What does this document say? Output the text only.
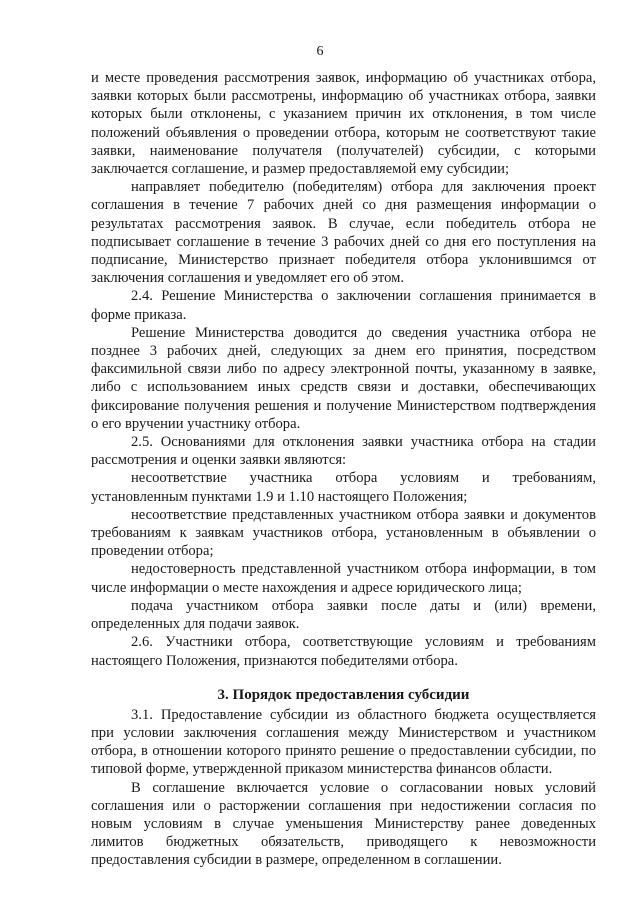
6

и месте проведения рассмотрения заявок, информацию об участниках отбора, заявки которых были рассмотрены, информацию об участниках отбора, заявки которых были отклонены, с указанием причин их отклонения, в том числе положений объявления о проведении отбора, которым не соответствуют такие заявки, наименование получателя (получателей) субсидии, с которыми заключается соглашение, и размер предоставляемой ему субсидии;

направляет победителю (победителям) отбора для заключения проект соглашения в течение 7 рабочих дней со дня размещения информации о результатах рассмотрения заявок. В случае, если победитель отбора не подписывает соглашение в течение 3 рабочих дней со дня его поступления на подписание, Министерство признает победителя отбора уклонившимся от заключения соглашения и уведомляет его об этом.

2.4. Решение Министерства о заключении соглашения принимается в форме приказа.

Решение Министерства доводится до сведения участника отбора не позднее 3 рабочих дней, следующих за днем его принятия, посредством факсимильной связи либо по адресу электронной почты, указанному в заявке, либо с использованием иных средств связи и доставки, обеспечивающих фиксирование получения решения и получение Министерством подтверждения о его вручении участнику отбора.

2.5. Основаниями для отклонения заявки участника отбора на стадии рассмотрения и оценки заявки являются:

несоответствие участника отбора условиям и требованиям, установленным пунктами 1.9 и 1.10 настоящего Положения;

несоответствие представленных участником отбора заявки и документов требованиям к заявкам участников отбора, установленным в объявлении о проведении отбора;

недостоверность представленной участником отбора информации, в том числе информации о месте нахождения и адресе юридического лица;

подача участником отбора заявки после даты и (или) времени, определенных для подачи заявок.

2.6. Участники отбора, соответствующие условиям и требованиям настоящего Положения, признаются победителями отбора.

3. Порядок предоставления субсидии

3.1. Предоставление субсидии из областного бюджета осуществляется при условии заключения соглашения между Министерством и участником отбора, в отношении которого принято решение о предоставлении субсидии, по типовой форме, утвержденной приказом министерства финансов области.

В соглашение включается условие о согласовании новых условий соглашения или о расторжении соглашения при недостижении согласия по новым условиям в случае уменьшения Министерству ранее доведенных лимитов бюджетных обязательств, приводящего к невозможности предоставления субсидии в размере, определенном в соглашении.
